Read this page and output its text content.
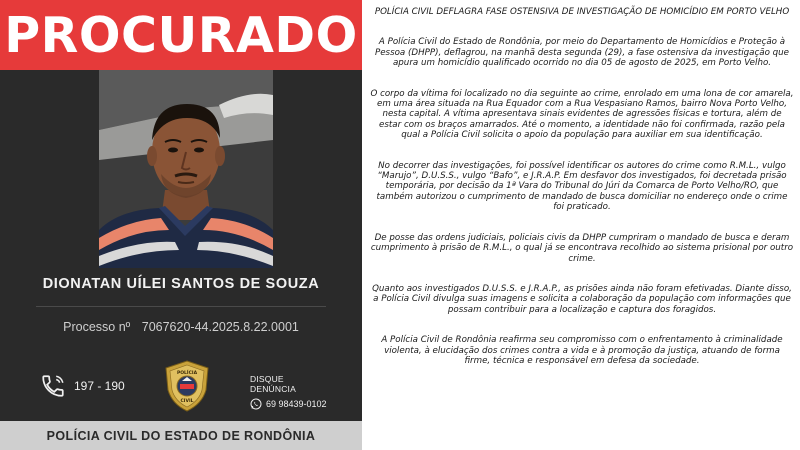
PROCURADO
DIONATAN UÍLEI SANTOS DE SOUZA
Processo nº 7067620-44.2025.8.22.0001
197 - 190
POLÍCIA
CIVIL
DISQUE DENÚNCIA
69 98439-0102
POLÍCIA CIVIL DO ESTADO DE RONDÔNIA
POLÍCIA CIVIL DEFLAGRA FASE OSTENSIVA DE INVESTIGAÇÃO DE HOMICÍDIO EM PORTO VELHO

A Polícia Civil do Estado de Rondônia, por meio do Departamento de Homicídios e Proteção à Pessoa (DHPP), deflagrou, na manhã desta segunda (29), a fase ostensiva da investigação que apura um homicídio qualificado ocorrido no dia 05 de agosto de 2025, em Porto Velho.

O corpo da vítima foi localizado no dia seguinte ao crime, enrolado em uma lona de cor amarela, em uma área situada na Rua Equador com a Rua Vespasiano Ramos, bairro Nova Porto Velho, nesta capital. A vítima apresentava sinais evidentes de agressões físicas e tortura, além de estar com os braços amarrados. Até o momento, a identidade não foi confirmada, razão pela qual a Polícia Civil solicita o apoio da população para auxiliar em sua identificação.

No decorrer das investigações, foi possível identificar os autores do crime como R.M.L., vulgo “Marujo”, D.U.S.S., vulgo “Bafo”, e J.R.A.P. Em desfavor dos investigados, foi decretada prisão temporária, por decisão da 1ª Vara do Tribunal do Júri da Comarca de Porto Velho/RO, que também autorizou o cumprimento de mandado de busca domiciliar no endereço onde o crime foi praticado.

De posse das ordens judiciais, policiais civis da DHPP cumpriram o mandado de busca e deram cumprimento à prisão de R.M.L., o qual já se encontrava recolhido ao sistema prisional por outro crime.

Quanto aos investigados D.U.S.S. e J.R.A.P., as prisões ainda não foram efetivadas. Diante disso, a Polícia Civil divulga suas imagens e solicita a colaboração da população com informações que possam contribuir para a localização e captura dos foragidos.

A Polícia Civil de Rondônia reafirma seu compromisso com o enfrentamento à criminalidade violenta, à elucidação dos crimes contra a vida e à promoção da justiça, atuando de forma firme, técnica e responsável em defesa da sociedade.
